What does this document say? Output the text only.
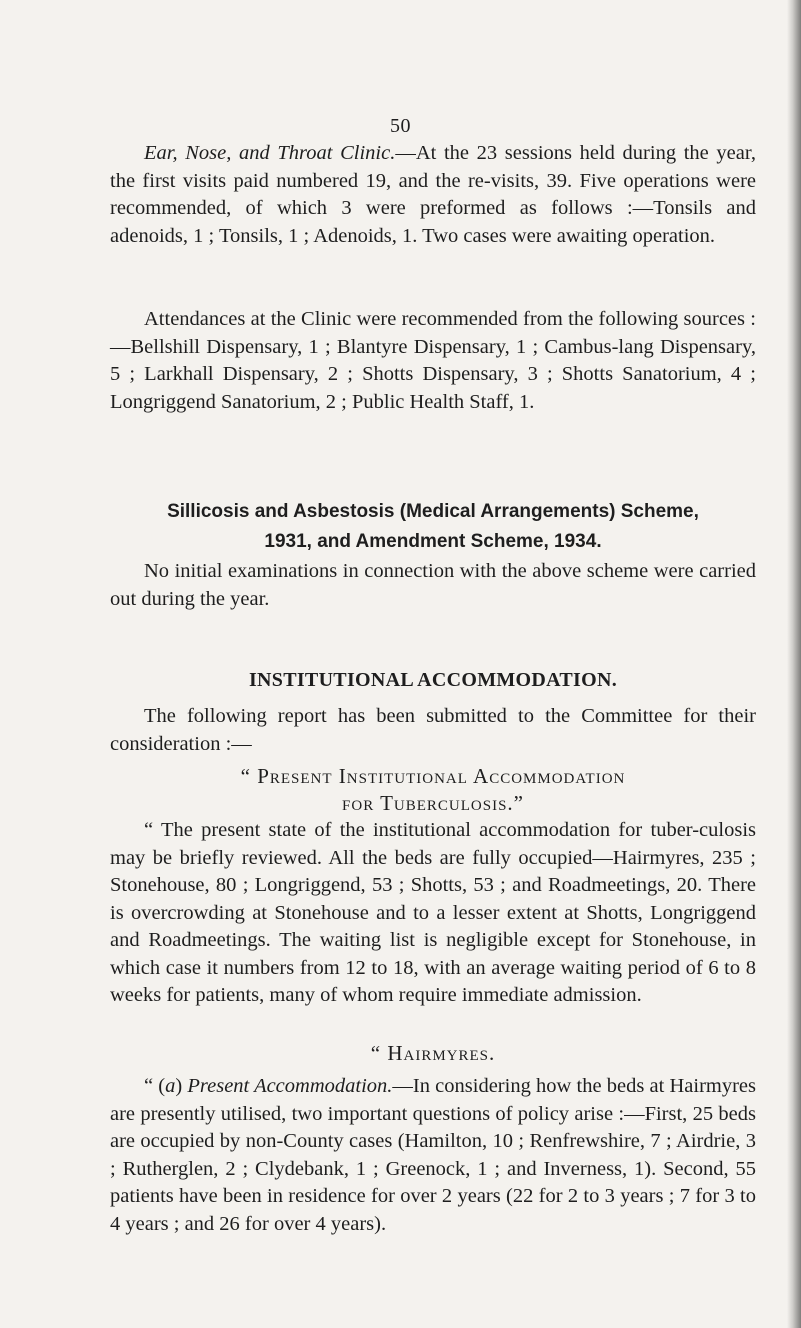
50

Ear, Nose, and Throat Clinic.—At the 23 sessions held during the year, the first visits paid numbered 19, and the re-visits, 39. Five operations were recommended, of which 3 were preformed as follows :—Tonsils and adenoids, 1 ; Tonsils, 1 ; Adenoids, 1. Two cases were awaiting operation.

Attendances at the Clinic were recommended from the following sources :—Bellshill Dispensary, 1 ; Blantyre Dispensary, 1 ; Cambus-lang Dispensary, 5 ; Larkhall Dispensary, 2 ; Shotts Dispensary, 3 ; Shotts Sanatorium, 4 ; Longriggend Sanatorium, 2 ; Public Health Staff, 1.

Sillicosis and Asbestosis (Medical Arrangements) Scheme,
1931, and Amendment Scheme, 1934.

No initial examinations in connection with the above scheme were carried out during the year.

INSTITUTIONAL ACCOMMODATION.

The following report has been submitted to the Committee for their consideration :—

“ Present Institutional Accommodation
for Tuberculosis.”

“ The present state of the institutional accommodation for tuber-culosis may be briefly reviewed. All the beds are fully occupied—Hairmyres, 235 ; Stonehouse, 80 ; Longriggend, 53 ; Shotts, 53 ; and Roadmeetings, 20. There is overcrowding at Stonehouse and to a lesser extent at Shotts, Longriggend and Roadmeetings. The waiting list is negligible except for Stonehouse, in which case it numbers from 12 to 18, with an average waiting period of 6 to 8 weeks for patients, many of whom require immediate admission.

“ Hairmyres.

“ (a) Present Accommodation.—In considering how the beds at Hairmyres are presently utilised, two important questions of policy arise :—First, 25 beds are occupied by non-County cases (Hamilton, 10 ; Renfrewshire, 7 ; Airdrie, 3 ; Rutherglen, 2 ; Clydebank, 1 ; Greenock, 1 ; and Inverness, 1). Second, 55 patients have been in residence for over 2 years (22 for 2 to 3 years ; 7 for 3 to 4 years ; and 26 for over 4 years).
